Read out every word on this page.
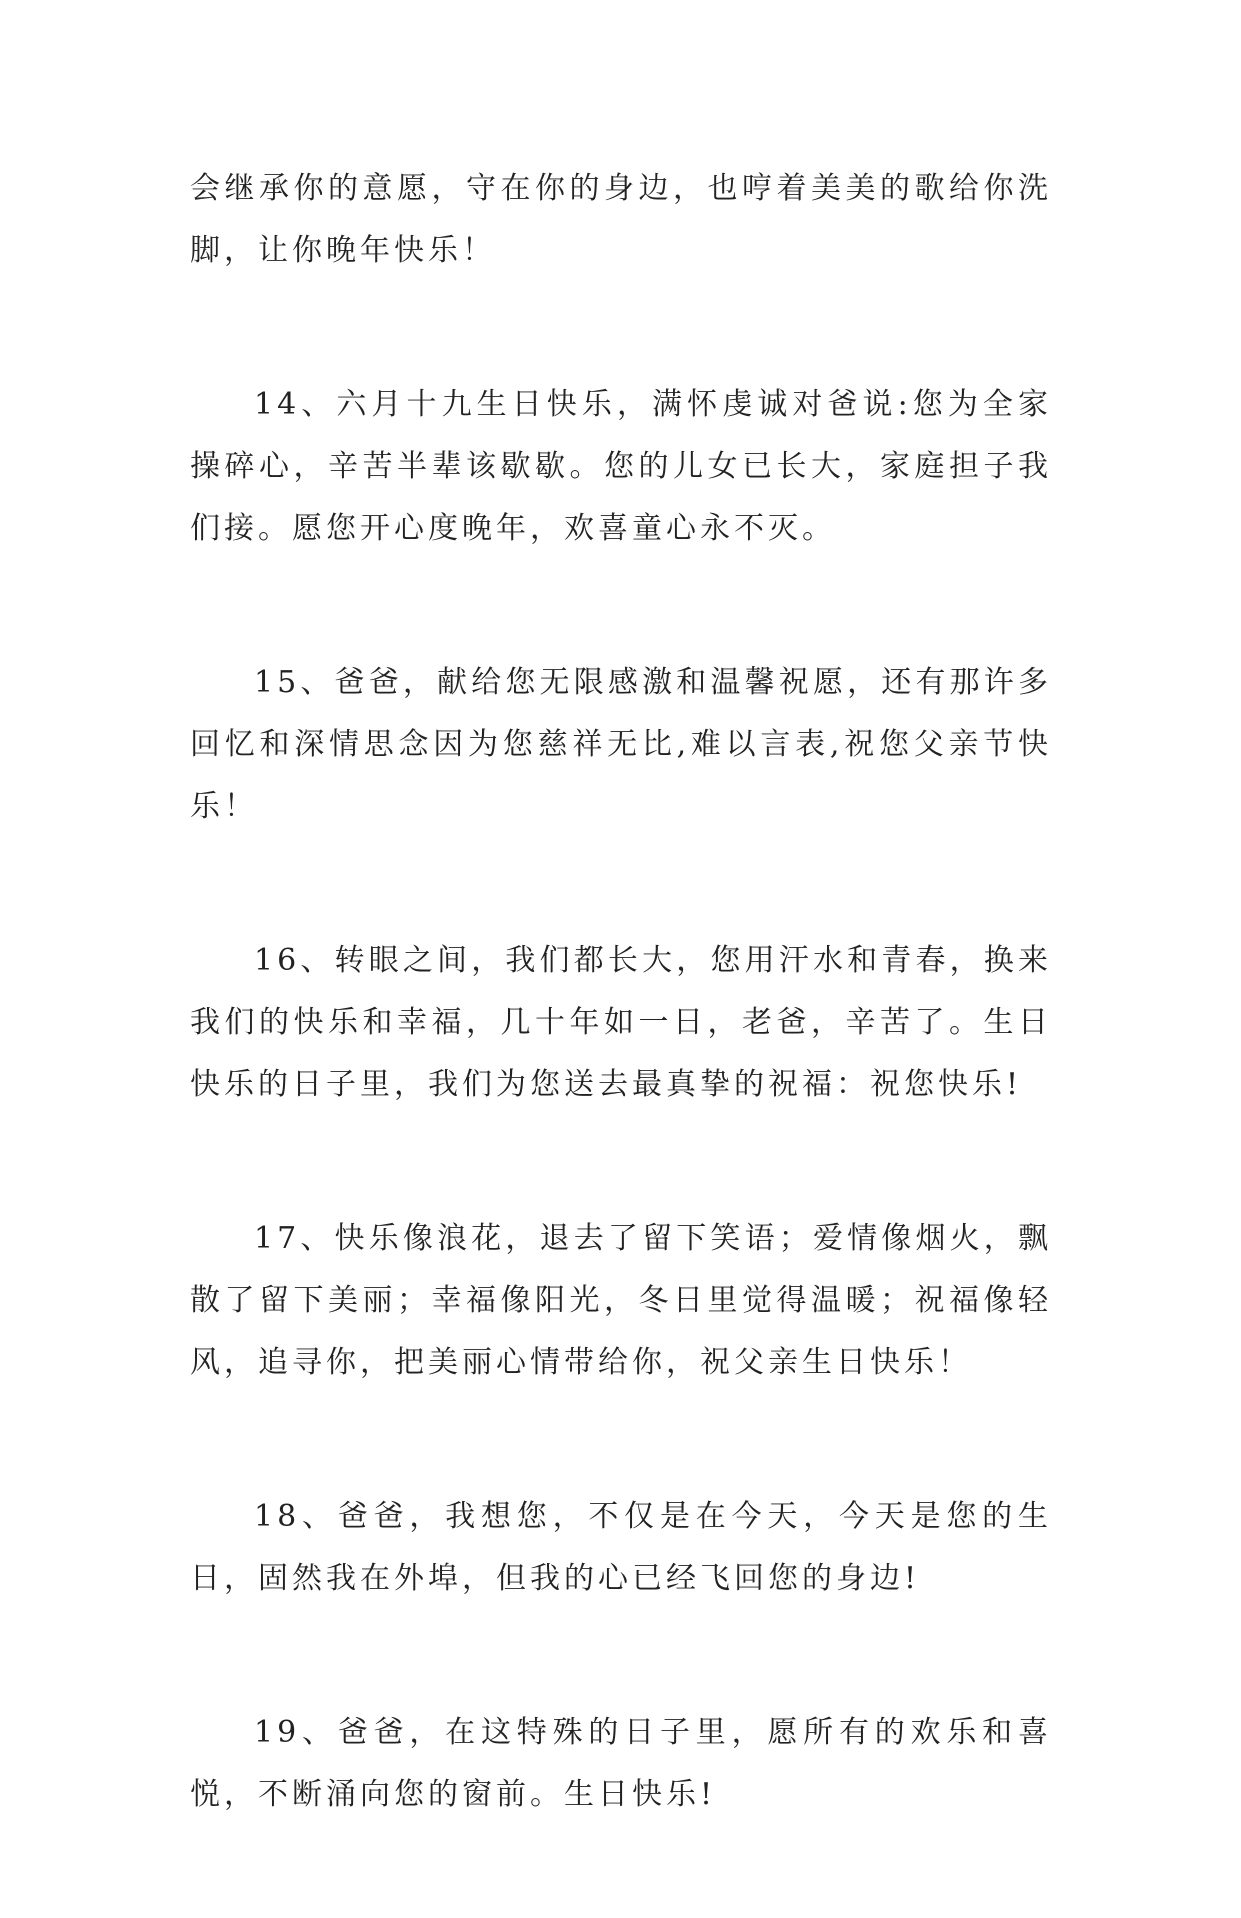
会继承你的意愿，守在你的身边，也哼着美美的歌给你洗脚，让你晚年快乐！

14、六月十九生日快乐，满怀虔诚对爸说:您为全家操碎心，辛苦半辈该歇歇。您的儿女已长大，家庭担子我们接。愿您开心度晚年，欢喜童心永不灭。

15、爸爸，献给您无限感激和温馨祝愿，还有那许多回忆和深情思念因为您慈祥无比,难以言表,祝您父亲节快乐！

16、转眼之间，我们都长大，您用汗水和青春，换来我们的快乐和幸福，几十年如一日，老爸，辛苦了。生日快乐的日子里，我们为您送去最真挚的祝福：祝您快乐!

17、快乐像浪花，退去了留下笑语；爱情像烟火，飘散了留下美丽；幸福像阳光，冬日里觉得温暖；祝福像轻风，追寻你，把美丽心情带给你，祝父亲生日快乐！

18、爸爸，我想您，不仅是在今天，今天是您的生日，固然我在外埠，但我的心已经飞回您的身边!

19、爸爸，在这特殊的日子里，愿所有的欢乐和喜悦，不断涌向您的窗前。生日快乐!
